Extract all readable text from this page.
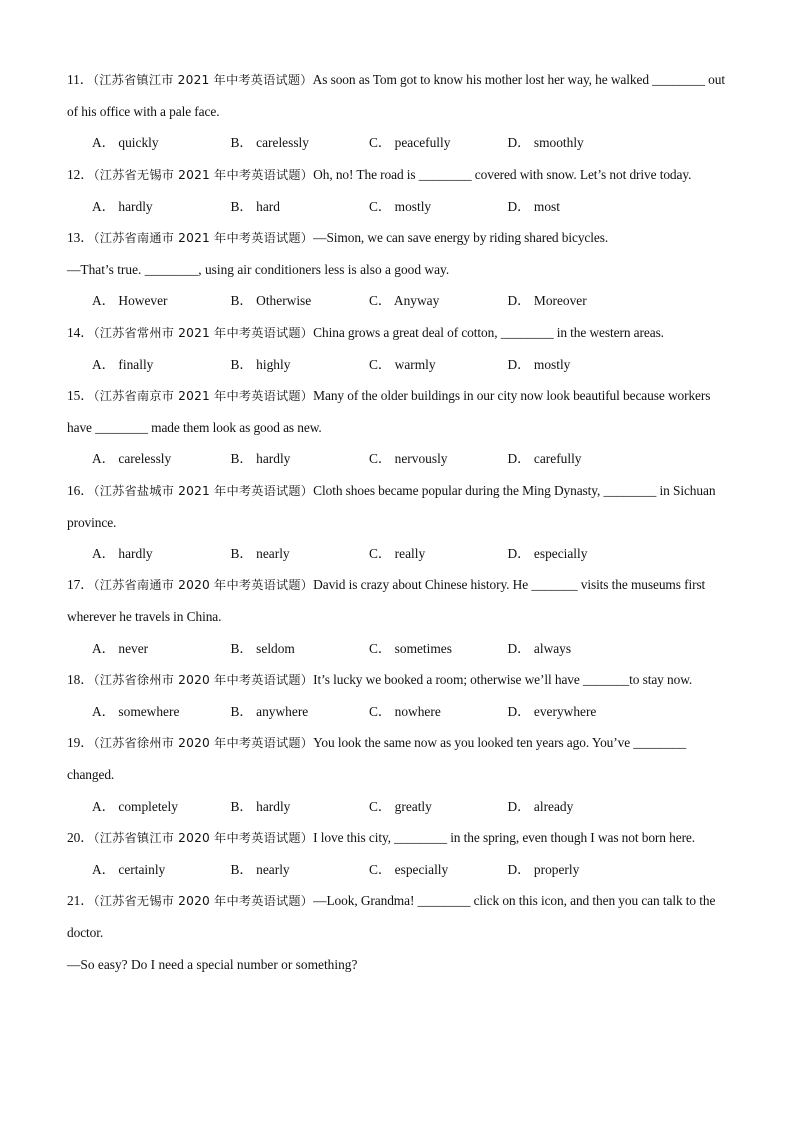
11．（江苏省镇江市 2021 年中考英语试题）As soon as Tom got to know his mother lost her way, he walked ________ out of his office with a pale face.

A． quickly	B． carelessly	C． peacefully	D． smoothly

12．（江苏省无锡市 2021 年中考英语试题）Oh, no! The road is ________ covered with snow. Let’s not drive today.

A． hardly	B． hard	C． mostly	D． most

13．（江苏省南通市 2021 年中考英语试题）—Simon, we can save energy by riding shared bicycles.

—That’s true. ________, using air conditioners less is also a good way.

A． However	B． Otherwise	C． Anyway	D． Moreover

14．（江苏省常州市 2021 年中考英语试题）China grows a great deal of cotton, ________ in the western areas.

A． finally	B． highly	C． warmly	D． mostly

15．（江苏省南京市 2021 年中考英语试题）Many of the older buildings in our city now look beautiful because workers have ________ made them look as good as new.

A． carelessly	B． hardly	C． nervously	D． carefully

16．（江苏省盐城市 2021 年中考英语试题）Cloth shoes became popular during the Ming Dynasty, ________ in Sichuan province.

A． hardly	B． nearly	C． really	D． especially

17．（江苏省南通市 2020 年中考英语试题）David is crazy about Chinese history. He _______ visits the museums first wherever he travels in China.

A． never	B． seldom	C． sometimes	D． always

18．（江苏省徐州市 2020 年中考英语试题）It’s lucky we booked a room; otherwise we’ll have _______to stay now.

A． somewhere	B． anywhere	C． nowhere	D． everywhere

19．（江苏省徐州市 2020 年中考英语试题）You look the same now as you looked ten years ago. You’ve ________ changed.

A． completely	B． hardly	C． greatly	D． already

20．（江苏省镇江市 2020 年中考英语试题）I love this city, ________ in the spring, even though I was not born here.

A． certainly	B． nearly	C． especially	D． properly

21．（江苏省无锡市 2020 年中考英语试题）—Look, Grandma! ________ click on this icon, and then you can talk to the doctor.

—So easy? Do I need a special number or something?
